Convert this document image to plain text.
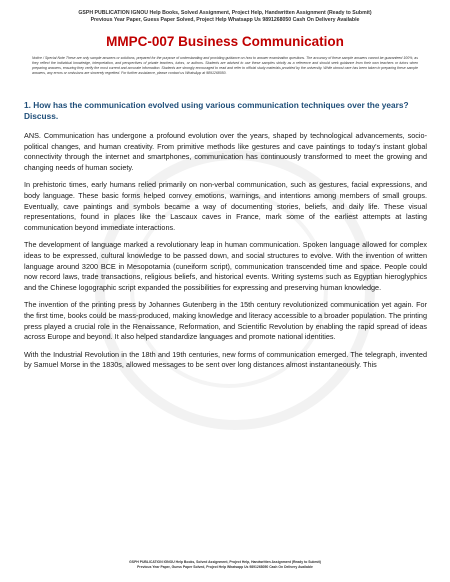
GSPH PUBLICATION IGNOU Help Books, Solved Assignment, Project Help, Handwritten Assignment (Ready to Submit)
Previous Year Paper, Guess Paper Solved, Project Help Whatsapp Us 9891268050 Cash On Delivery Available
MMPC-007 Business Communication
Notice / Special Note These are only sample answers or solutions, prepared for the purpose of understanding and providing guidance on how to answer examination questions. The accuracy of these sample answers cannot be guaranteed 100%, as they reflect the individual knowledge, interpretation, and perspectives of private teachers, tutors, or authors. Students are advised to use these samples strictly as a reference and should seek guidance from their own teachers or tutors when preparing answers, ensuring they verify the most current and accurate information. Students are strongly encouraged to read and refer to official study materials provided by the university. While utmost care has been taken in preparing these sample answers, any errors or omissions are sincerely regretted. For further assistance, please contact us WhatsApp at 9891268050.
1. How has the communication evolved using various communication techniques over the years?Discuss.

ANS. Communication has undergone a profound evolution over the years, shaped by technological advancements, socio-political changes, and human creativity. From primitive methods like gestures and cave paintings to today's instant global connectivity through the internet and smartphones, communication has continuously transformed to meet the growing and changing needs of human society.

In prehistoric times, early humans relied primarily on non-verbal communication, such as gestures, facial expressions, and body language. These basic forms helped convey emotions, warnings, and intentions among members of small groups. Eventually, cave paintings and symbols became a way of documenting stories, beliefs, and daily life. These visual representations, found in places like the Lascaux caves in France, mark some of the earliest attempts at lasting communication beyond immediate interactions.

The development of language marked a revolutionary leap in human communication. Spoken language allowed for complex ideas to be expressed, cultural knowledge to be passed down, and social structures to evolve. With the invention of written language around 3200 BCE in Mesopotamia (cuneiform script), communication transcended time and space. People could now record laws, trade transactions, religious beliefs, and historical events. Writing systems such as Egyptian hieroglyphics and the Chinese logographic script expanded the possibilities for expressing and preserving human knowledge.

The invention of the printing press by Johannes Gutenberg in the 15th century revolutionized communication yet again. For the first time, books could be mass-produced, making knowledge and literacy accessible to a broader population. The printing press played a crucial role in the Renaissance, Reformation, and Scientific Revolution by enabling the rapid spread of ideas across Europe and beyond. It also helped standardize languages and promote national identities.

With the Industrial Revolution in the 18th and 19th centuries, new forms of communication emerged. The telegraph, invented by Samuel Morse in the 1830s, allowed messages to be sent over long distances almost instantaneously. This

GSPH PUBLICATION IGNOU Help Books, Solved Assignment, Project Help, Handwritten Assignment (Ready to Submit)
Previous Year Paper, Guess Paper Solved, Project Help Whatsapp Us 9891268050 Cash On Delivery Available
